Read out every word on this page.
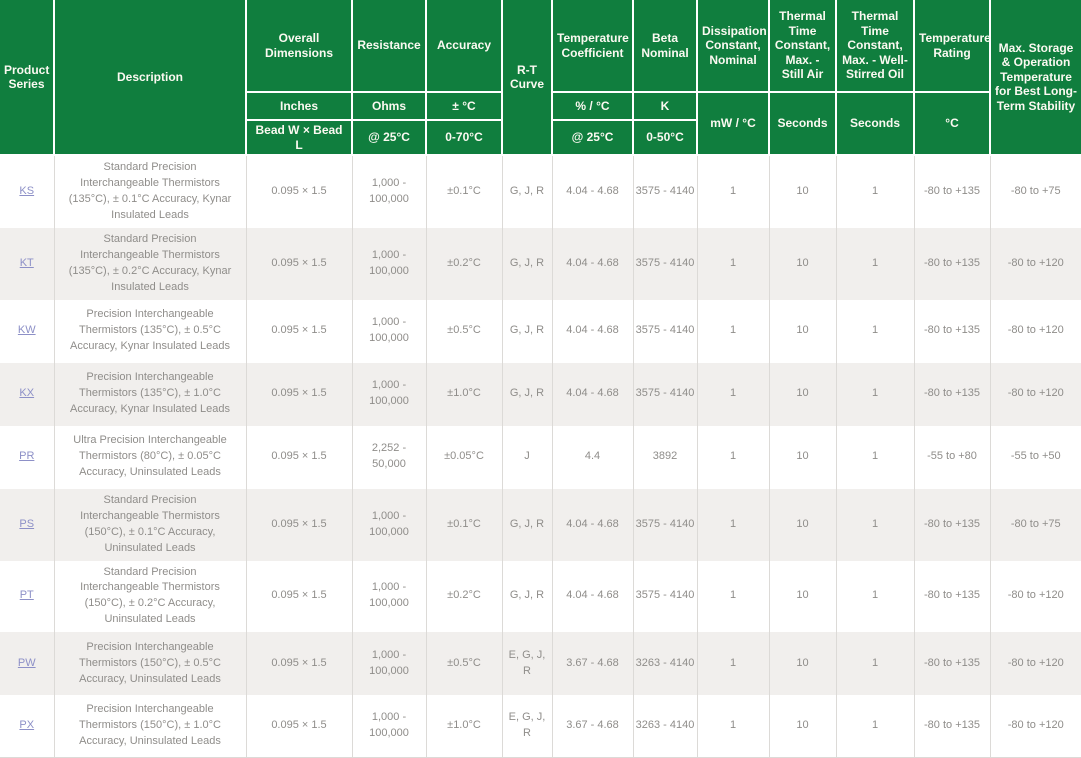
Product Series	Description	Overall Dimensions	Resistance	Accuracy	R-T Curve	Temperature Coefficient	Beta Nominal	Dissipation Constant, Nominal	Thermal Time Constant, Max. - Still Air	Thermal Time Constant, Max. - Well-Stirred Oil	Temperature Rating	Max. Storage & Operation Temperature for Best Long-Term Stability
		Inches	Ohms	± °C		% / °C	K	mW / °C	Seconds	Seconds	°C	
		Bead W × Bead L	@ 25°C	0-70°C		@ 25°C	0-50°C					
KS	Standard Precision Interchangeable Thermistors (135°C), ± 0.1°C Accuracy, Kynar Insulated Leads	0.095 × 1.5	1,000 - 100,000	±0.1°C	G, J, R	4.04 - 4.68	3575 - 4140	1	10	1	-80 to +135	-80 to +75
KT	Standard Precision Interchangeable Thermistors (135°C), ± 0.2°C Accuracy, Kynar Insulated Leads	0.095 × 1.5	1,000 - 100,000	±0.2°C	G, J, R	4.04 - 4.68	3575 - 4140	1	10	1	-80 to +135	-80 to +120
KW	Precision Interchangeable Thermistors (135°C), ± 0.5°C Accuracy, Kynar Insulated Leads	0.095 × 1.5	1,000 - 100,000	±0.5°C	G, J, R	4.04 - 4.68	3575 - 4140	1	10	1	-80 to +135	-80 to +120
KX	Precision Interchangeable Thermistors (135°C), ± 1.0°C Accuracy, Kynar Insulated Leads	0.095 × 1.5	1,000 - 100,000	±1.0°C	G, J, R	4.04 - 4.68	3575 - 4140	1	10	1	-80 to +135	-80 to +120
PR	Ultra Precision Interchangeable Thermistors (80°C), ± 0.05°C Accuracy, Uninsulated Leads	0.095 × 1.5	2,252 - 50,000	±0.05°C	J	4.4	3892	1	10	1	-55 to +80	-55 to +50
PS	Standard Precision Interchangeable Thermistors (150°C), ± 0.1°C Accuracy, Uninsulated Leads	0.095 × 1.5	1,000 - 100,000	±0.1°C	G, J, R	4.04 - 4.68	3575 - 4140	1	10	1	-80 to +135	-80 to +75
PT	Standard Precision Interchangeable Thermistors (150°C), ± 0.2°C Accuracy, Uninsulated Leads	0.095 × 1.5	1,000 - 100,000	±0.2°C	G, J, R	4.04 - 4.68	3575 - 4140	1	10	1	-80 to +135	-80 to +120
PW	Precision Interchangeable Thermistors (150°C), ± 0.5°C Accuracy, Uninsulated Leads	0.095 × 1.5	1,000 - 100,000	±0.5°C	E, G, J, R	3.67 - 4.68	3263 - 4140	1	10	1	-80 to +135	-80 to +120
PX	Precision Interchangeable Thermistors (150°C), ± 1.0°C Accuracy, Uninsulated Leads	0.095 × 1.5	1,000 - 100,000	±1.0°C	E, G, J, R	3.67 - 4.68	3263 - 4140	1	10	1	-80 to +135	-80 to +120
